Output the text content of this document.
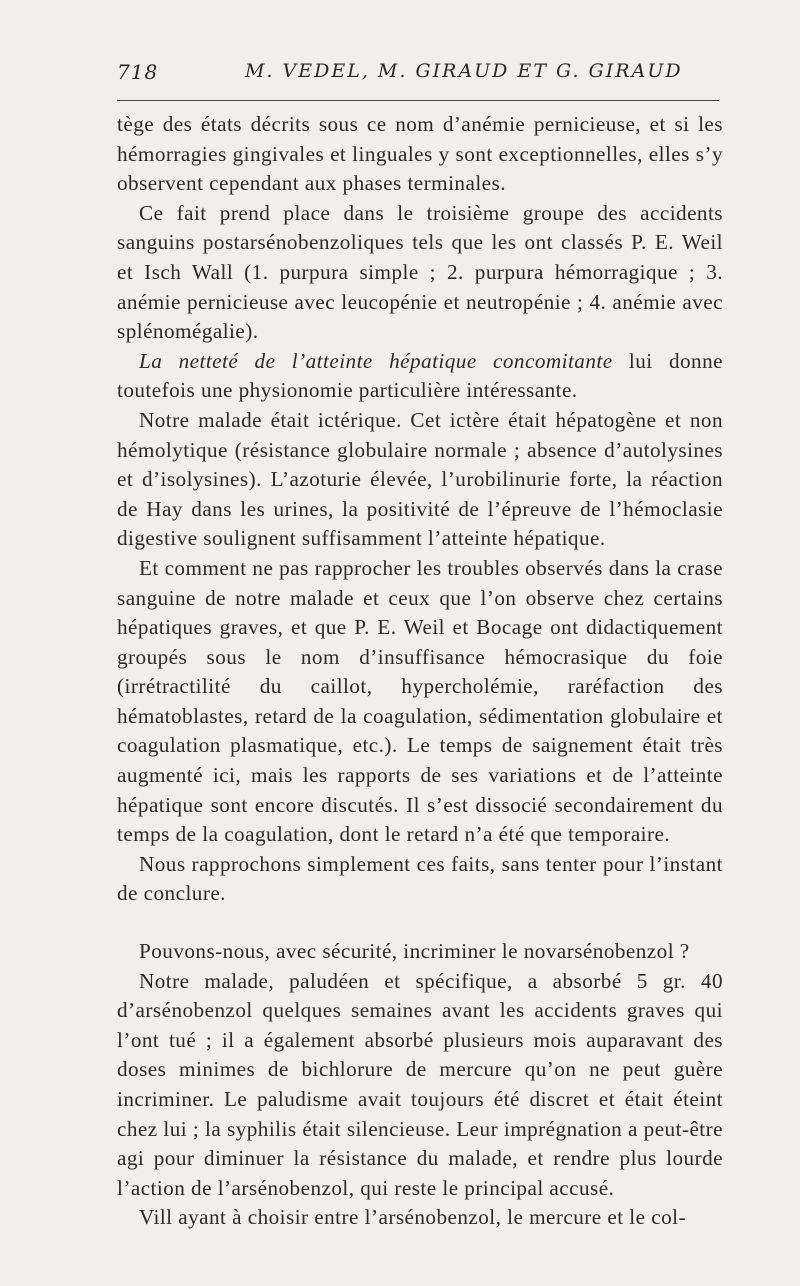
718	M. VEDEL, M. GIRAUD ET G. GIRAUD

tège des états décrits sous ce nom d’anémie pernicieuse, et si les hémorragies gingivales et linguales y sont exceptionnelles, elles s’y observent cependant aux phases terminales.

Ce fait prend place dans le troisième groupe des accidents sanguins postarsénobenzoliques tels que les ont classés P. E. Weil et Isch Wall (1. purpura simple ; 2. purpura hémorragique ; 3. anémie pernicieuse avec leucopénie et neutropénie ; 4. anémie avec splénomégalie).

La netteté de l’atteinte hépatique concomitante lui donne toutefois une physionomie particulière intéressante.

Notre malade était ictérique. Cet ictère était hépatogène et non hémolytique (résistance globulaire normale ; absence d’autolysines et d’isolysines). L’azoturie élevée, l’urobilinurie forte, la réaction de Hay dans les urines, la positivité de l’épreuve de l’hémoclasie digestive soulignent suffisamment l’atteinte hépatique.

Et comment ne pas rapprocher les troubles observés dans la crase sanguine de notre malade et ceux que l’on observe chez certains hépatiques graves, et que P. E. Weil et Bocage ont didactiquement groupés sous le nom d’insuffisance hémocrasique du foie (irrétractilité du caillot, hypercholémie, raréfaction des hématoblastes, retard de la coagulation, sédimentation globulaire et coagulation plasmatique, etc.). Le temps de saignement était très augmenté ici, mais les rapports de ses variations et de l’atteinte hépatique sont encore discutés. Il s’est dissocié secondairement du temps de la coagulation, dont le retard n’a été que temporaire.

Nous rapprochons simplement ces faits, sans tenter pour l’instant de conclure.

Pouvons-nous, avec sécurité, incriminer le novarsénobenzol ?

Notre malade, paludéen et spécifique, a absorbé 5 gr. 40 d’arsénobenzol quelques semaines avant les accidents graves qui l’ont tué ; il a également absorbé plusieurs mois auparavant des doses minimes de bichlorure de mercure qu’on ne peut guère incriminer. Le paludisme avait toujours été discret et était éteint chez lui ; la syphilis était silencieuse. Leur imprégnation a peut-être agi pour diminuer la résistance du malade, et rendre plus lourde l’action de l’arsénobenzol, qui reste le principal accusé.

Vill ayant à choisir entre l’arsénobenzol, le mercure et le col-
